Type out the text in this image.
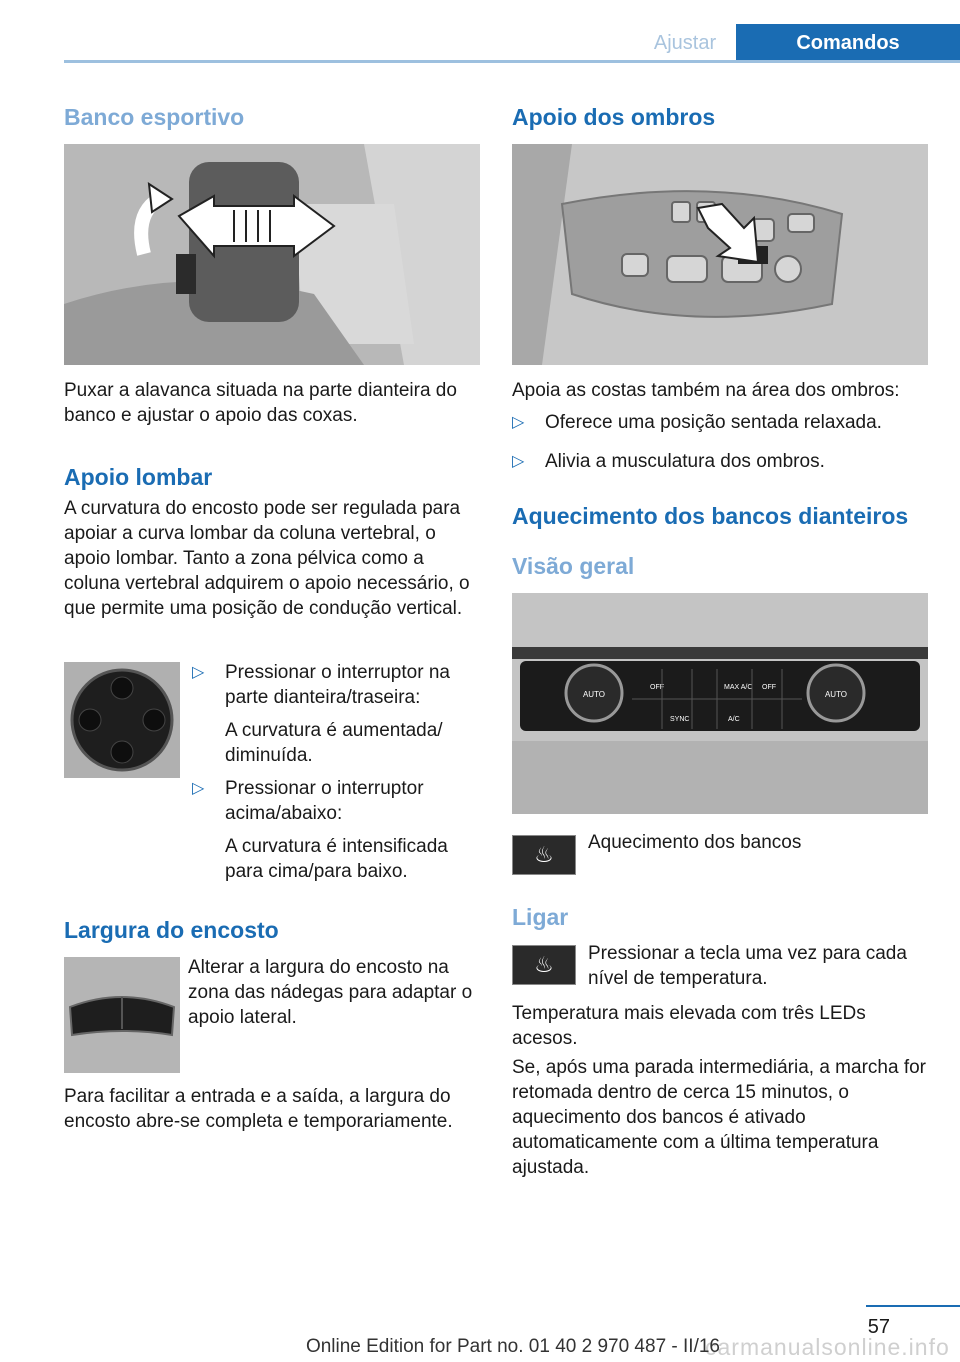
Ajustar	Comandos
Banco esportivo

Puxar a alavanca situada na parte dianteira do banco e ajustar o apoio das coxas.

Apoio lombar

A curvatura do encosto pode ser regulada para apoiar a curva lombar da coluna vertebral, o apoio lombar. Tanto a zona pélvica como a coluna vertebral adquirem o apoio necessário, o que permite uma posição de condução vertical.

▷ Pressionar o interruptor na parte dianteira/traseira:
A curvatura é aumentada/ diminuída.
▷ Pressionar o interruptor acima/abaixo:
A curvatura é intensificada para cima/para baixo.
Largura do encosto

Alterar a largura do encosto na zona das nádegas para adaptar o apoio lateral.

Para facilitar a entrada e a saída, a largura do encosto abre-se completa e temporariamente.

Apoio dos ombros

Apoia as costas também na área dos ombros:

▷ Oferece uma posição sentada relaxada.
▷ Alivia a musculatura dos ombros.
Aquecimento dos bancos dianteiros
Visão geral
AUTO	AUTO
OFF	MAX A/C OFF
SYNC	A/C
♨	Aquecimento dos bancos

Ligar
♨	Pressionar a tecla uma vez para cada nível de temperatura.

Temperatura mais elevada com três LEDs acesos.

Se, após uma parada intermediária, a marcha for retomada dentro de cerca 15 minutos, o aquecimento dos bancos é ativado automaticamente com a última temperatura ajustada.

57
carmanualsonline.info
Online Edition for Part no. 01 40 2 970 487 - II/16
